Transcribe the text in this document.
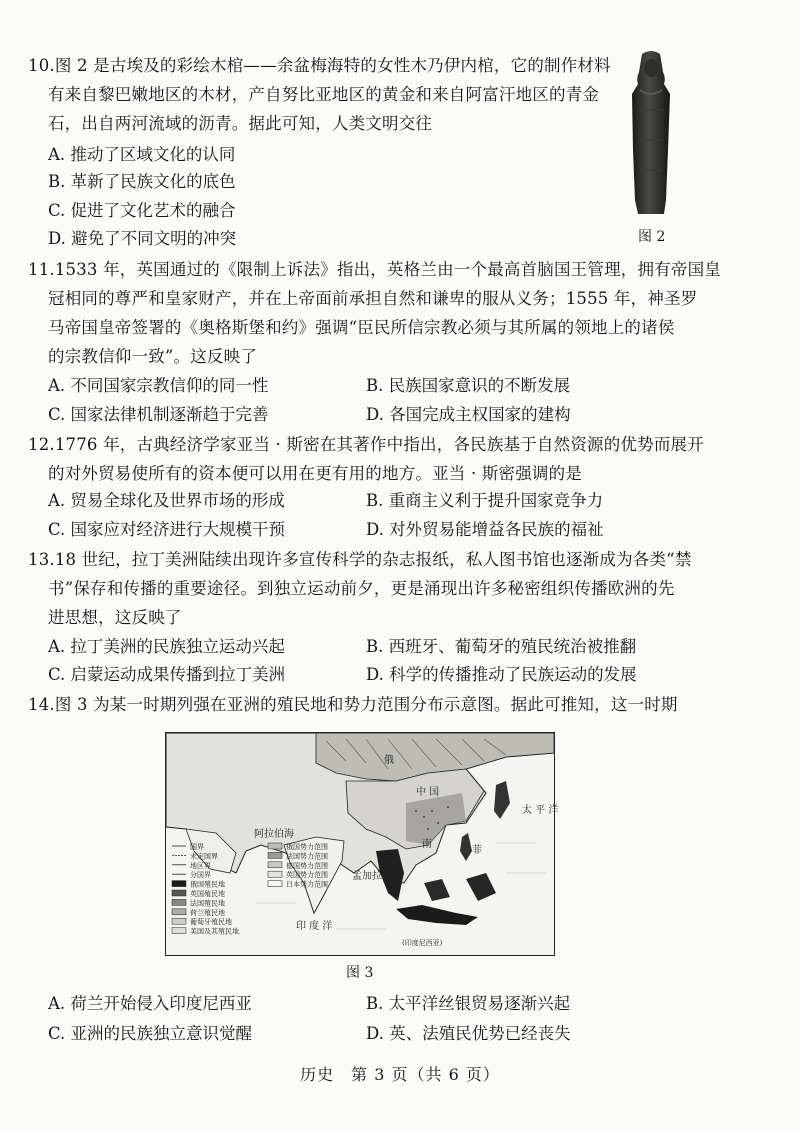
10.图 2 是古埃及的彩绘木棺——余盆梅海特的女性木乃伊内棺，它的制作材料
有来自黎巴嫩地区的木材，产自努比亚地区的黄金和来自阿富汗地区的青金
石，出自两河流域的沥青。据此可知，人类文明交往
A. 推动了区域文化的认同
B. 革新了民族文化的底色
C. 促进了文化艺术的融合
D. 避免了不同文明的冲突	图 2
11.1533 年，英国通过的《限制上诉法》指出，英格兰由一个最高首脑国王管理，拥有帝国皇
冠相同的尊严和皇家财产，并在上帝面前承担自然和谦卑的服从义务；1555 年，神圣罗
马帝国皇帝签署的《奥格斯堡和约》强调“臣民所信宗教必须与其所属的领地上的诸侯
的宗教信仰一致”。这反映了
A. 不同国家宗教信仰的同一性	B. 民族国家意识的不断发展
C. 国家法律机制逐渐趋于完善	D. 各国完成主权国家的建构
12.1776 年，古典经济学家亚当 · 斯密在其著作中指出，各民族基于自然资源的优势而展开
的对外贸易使所有的资本便可以用在更有用的地方。亚当 · 斯密强调的是
A. 贸易全球化及世界市场的形成	B. 重商主义利于提升国家竞争力
C. 国家应对经济进行大规模干预	D. 对外贸易能增益各民族的福祉
13.18 世纪，拉丁美洲陆续出现许多宣传科学的杂志报纸，私人图书馆也逐渐成为各类“禁
书”保存和传播的重要途径。到独立运动前夕，更是涌现出许多秘密组织传播欧洲的先
进思想，这反映了
A. 拉丁美洲的民族独立运动兴起	B. 西班牙、葡萄牙的殖民统治被推翻
C. 启蒙运动成果传播到拉丁美洲	D. 科学的传播推动了民族运动的发展
14.图 3 为某一时期列强在亚洲的殖民地和势力范围分布示意图。据此可推知，这一时期
俄
中 国
太 平 洋
阿拉伯海
印 度 洋
孟加拉湾
菲
南
(印度尼西亚)
国界
未定国界
地区界
分国界
俄国殖民地
英国殖民地
法国殖民地
荷兰殖民地
葡萄牙殖民地
美国及其殖民地
俄国势力范围
法国势力范围
德国势力范围
英国势力范围
日本势力范围
图 3
A. 荷兰开始侵入印度尼西亚	B. 太平洋丝银贸易逐渐兴起
C. 亚洲的民族独立意识觉醒	D. 英、法殖民优势已经丧失
历史　第 3 页（共 6 页）
